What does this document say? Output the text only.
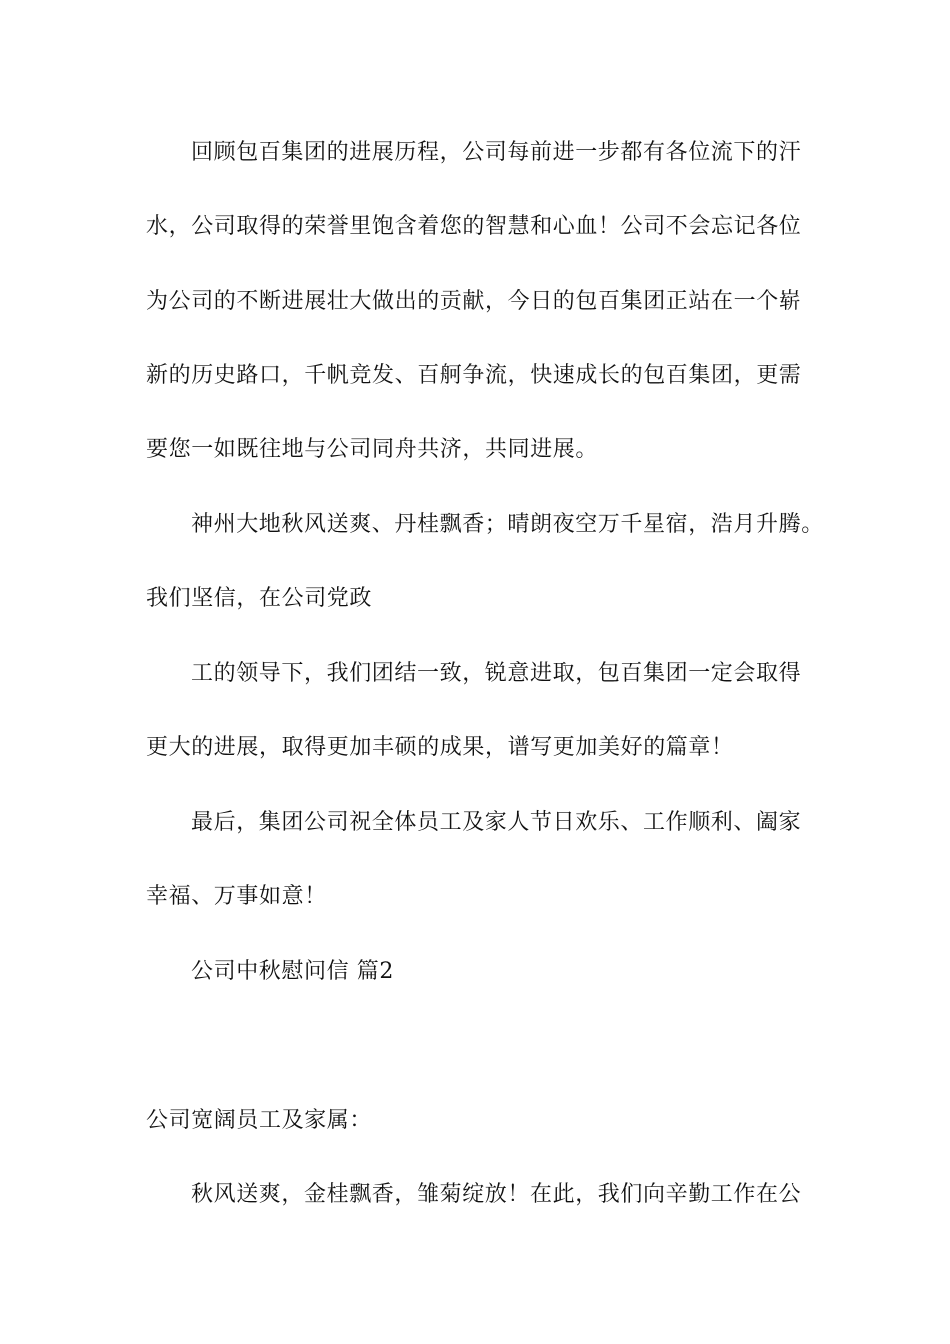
回顾包百集团的进展历程，公司每前进一步都有各位流下的汗
水，公司取得的荣誉里饱含着您的智慧和心血！公司不会忘记各位
为公司的不断进展壮大做出的贡献，今日的包百集团正站在一个崭
新的历史路口，千帆竞发、百舸争流，快速成长的包百集团，更需
要您一如既往地与公司同舟共济，共同进展。
神州大地秋风送爽、丹桂飘香；晴朗夜空万千星宿，浩月升腾。
我们坚信，在公司党政
工的领导下，我们团结一致，锐意进取，包百集团一定会取得
更大的进展，取得更加丰硕的成果，谱写更加美好的篇章！
最后，集团公司祝全体员工及家人节日欢乐、工作顺利、阖家
幸福、万事如意！
公司中秋慰问信 篇2
公司宽阔员工及家属：
秋风送爽，金桂飘香，雏菊绽放！在此，我们向辛勤工作在公
